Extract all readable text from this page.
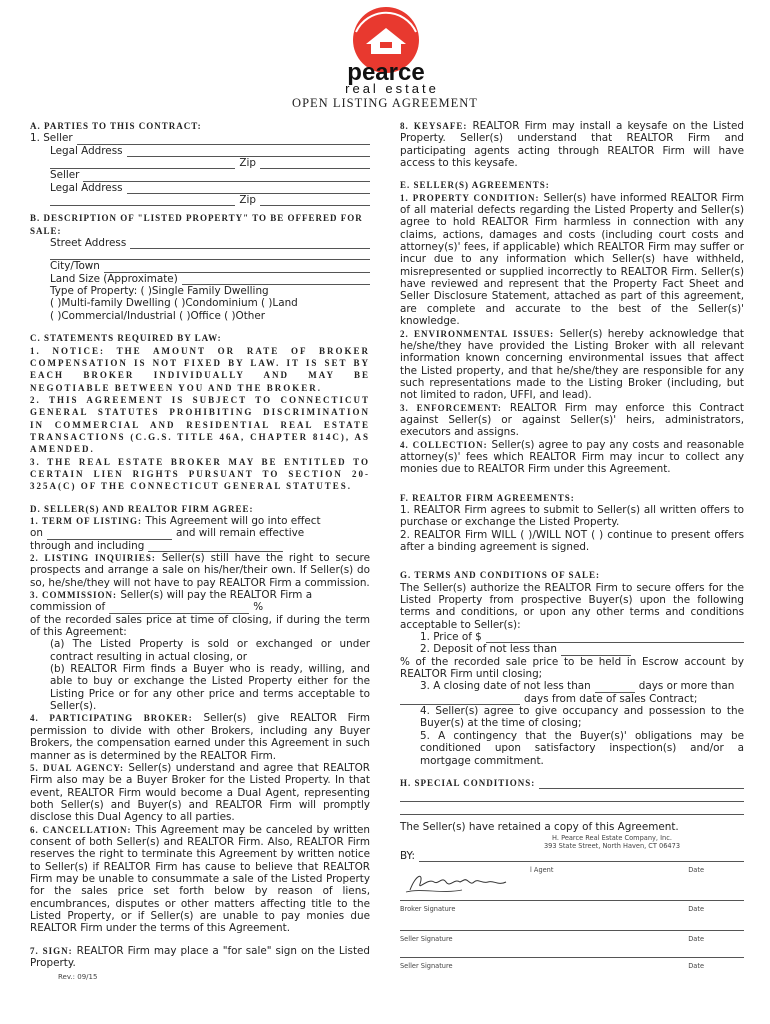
pearce
real estate
OPEN LISTING AGREEMENT
A. PARTIES TO THIS CONTRACT:
1. Seller
Legal Address
Zip
Seller
Legal Address
Zip
B. DESCRIPTION OF "LISTED PROPERTY" TO BE OFFERED FOR SALE:
Street Address
City/Town
Land Size (Approximate)
Type of Property: ( )Single Family Dwelling
( )Multi-family Dwelling ( )Condominium ( )Land
( )Commercial/Industrial ( )Office ( )Other
C. STATEMENTS REQUIRED BY LAW:
1. NOTICE: THE AMOUNT OR RATE OF BROKER COMPENSATION IS NOT FIXED BY LAW. IT IS SET BY EACH BROKER INDIVIDUALLY AND MAY BE NEGOTIABLE BETWEEN YOU AND THE BROKER.
2. THIS AGREEMENT IS SUBJECT TO CONNECTICUT GENERAL STATUTES PROHIBITING DISCRIMINATION IN COMMERCIAL AND RESIDENTIAL REAL ESTATE TRANSACTIONS (C.G.S. TITLE 46A, CHAPTER 814C), AS AMENDED.
3. THE REAL ESTATE BROKER MAY BE ENTITLED TO CERTAIN LIEN RIGHTS PURSUANT TO SECTION 20-325A(C) OF THE CONNECTICUT GENERAL STATUTES.
D. SELLER(S) AND REALTOR FIRM AGREE:
1. TERM OF LISTING: This Agreement will go into effect
on	and will remain effective
through and including
2. LISTING INQUIRIES: Seller(s) still have the right to secure prospects and arrange a sale on his/her/their own. If Seller(s) do so, he/she/they will not have to pay REALTOR Firm a commission.
3. COMMISSION: Seller(s) will pay the REALTOR Firm a
commission of	%
of the recorded sales price at time of closing, if during the term of this Agreement:
(a) The Listed Property is sold or exchanged or under contract resulting in actual closing, or
(b) REALTOR Firm finds a Buyer who is ready, willing, and able to buy or exchange the Listed Property either for the Listing Price or for any other price and terms acceptable to Seller(s).
4. PARTICIPATING BROKER: Seller(s) give REALTOR Firm permission to divide with other Brokers, including any Buyer Brokers, the compensation earned under this Agreement in such manner as is determined by the REALTOR Firm.
5. DUAL AGENCY: Seller(s) understand and agree that REALTOR Firm also may be a Buyer Broker for the Listed Property. In that event, REALTOR Firm would become a Dual Agent, representing both Seller(s) and Buyer(s) and REALTOR Firm will promptly disclose this Dual Agency to all parties.
6. CANCELLATION: This Agreement may be canceled by written consent of both Seller(s) and REALTOR Firm. Also, REALTOR Firm reserves the right to terminate this Agreement by written notice to Seller(s) if REALTOR Firm has cause to believe that REALTOR Firm may be unable to consummate a sale of the Listed Property for the sales price set forth below by reason of liens, encumbrances, disputes or other matters affecting title to the Listed Property, or if Seller(s) are unable to pay monies due REALTOR Firm under the terms of this Agreement.
7. SIGN: REALTOR Firm may place a "for sale" sign on the Listed Property.
Rev.: 09/15
8. KEYSAFE: REALTOR Firm may install a keysafe on the Listed Property. Seller(s) understand that REALTOR Firm and participating agents acting through REALTOR Firm will have access to this keysafe.
E. SELLER(S) AGREEMENTS:
1. PROPERTY CONDITION: Seller(s) have informed REALTOR Firm of all material defects regarding the Listed Property and Seller(s) agree to hold REALTOR Firm harmless in connection with any claims, actions, damages and costs (including court costs and attorney(s)' fees, if applicable) which REALTOR Firm may suffer or incur due to any information which Seller(s) have withheld, misrepresented or supplied incorrectly to REALTOR Firm. Seller(s) have reviewed and represent that the Property Fact Sheet and Seller Disclosure Statement, attached as part of this agreement, are complete and accurate to the best of the Seller(s)' knowledge.
2. ENVIRONMENTAL ISSUES: Seller(s) hereby acknowledge that he/she/they have provided the Listing Broker with all relevant information known concerning environmental issues that affect the Listed property, and that he/she/they are responsible for any such representations made to the Listing Broker (including, but not limited to radon, UFFI, and lead).
3. ENFORCEMENT: REALTOR Firm may enforce this Contract against Seller(s) or against Seller(s)' heirs, administrators, executors and assigns.
4. COLLECTION: Seller(s) agree to pay any costs and reasonable attorney(s)' fees which REALTOR Firm may incur to collect any monies due to REALTOR Firm under this Agreement.
F. REALTOR FIRM AGREEMENTS:
1. REALTOR Firm agrees to submit to Seller(s) all written offers to purchase or exchange the Listed Property.
2. REALTOR Firm WILL ( )/WILL NOT ( ) continue to present offers after a binding agreement is signed.
G. TERMS AND CONDITIONS OF SALE:
The Seller(s) authorize the REALTOR Firm to secure offers for the Listed Property from prospective Buyer(s) upon the following terms and conditions, or upon any other terms and conditions acceptable to Seller(s):
1. Price of $
2. Deposit of not less than
% of the recorded sale price to be held in Escrow account by REALTOR Firm until closing;
3. A closing date of not less than	days or more than
days from date of sales Contract;
4. Seller(s) agree to give occupancy and possession to the Buyer(s) at the time of closing;
5. A contingency that the Buyer(s)' obligations may be conditioned upon satisfactory inspection(s) and/or a mortgage commitment.
H. SPECIAL CONDITIONS:
The Seller(s) have retained a copy of this Agreement.
H. Pearce Real Estate Company, Inc.
393 State Street, North Haven, CT 06473
BY:
l Agent	Date
Broker Signature	Date
Seller Signature	Date
Seller Signature	Date
